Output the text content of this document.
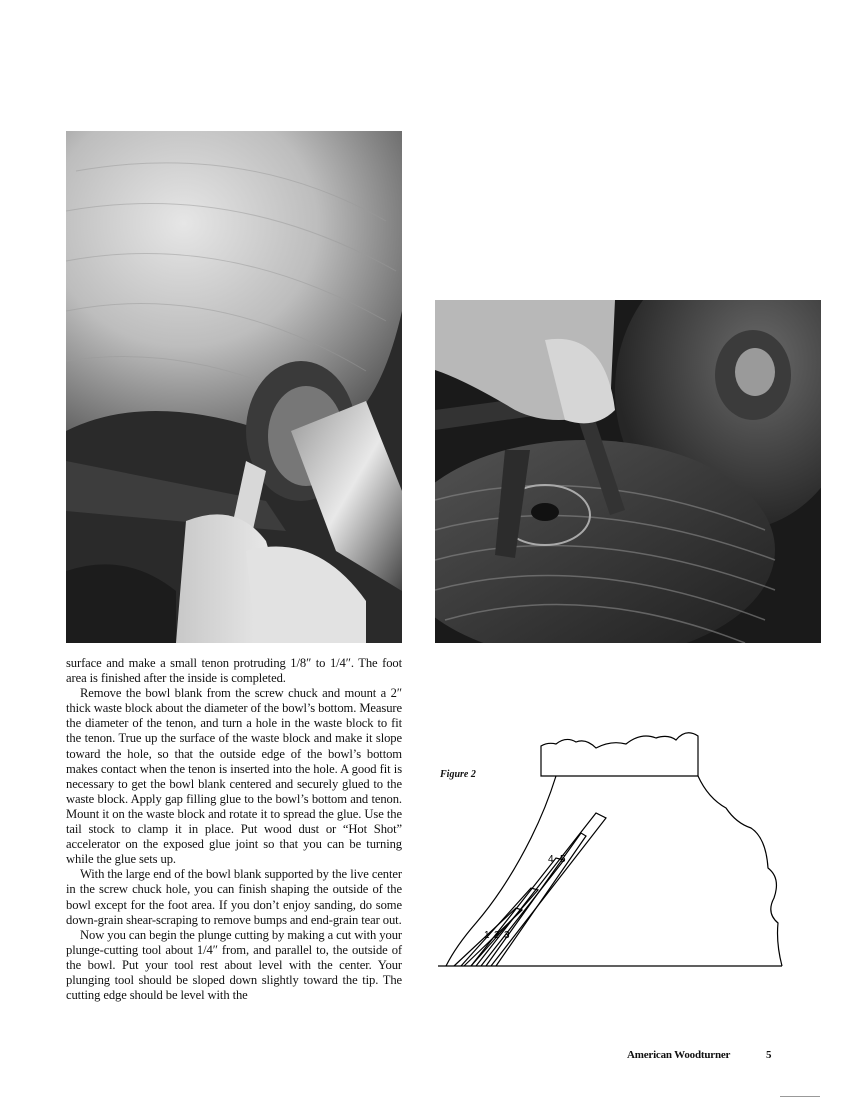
surface and make a small tenon protruding 1/8″ to 1/4″. The foot area is finished after the inside is completed.

Remove the bowl blank from the screw chuck and mount a 2″ thick waste block about the diameter of the bowl’s bottom. Measure the diameter of the tenon, and turn a hole in the waste block to fit the tenon. True up the surface of the waste block and make it slope toward the hole, so that the outside edge of the bowl’s bottom makes contact when the tenon is inserted into the hole. A good fit is necessary to get the bowl blank centered and securely glued to the waste block. Apply gap filling glue to the bowl’s bottom and tenon. Mount it on the waste block and rotate it to spread the glue. Use the tail stock to clamp it in place. Put wood dust or “Hot Shot” accelerator on the exposed glue joint so that you can be turning while the glue sets up.

With the large end of the bowl blank supported by the live center in the screw chuck hole, you can finish shaping the outside of the bowl except for the foot area. If you don’t enjoy sanding, do some down-grain shear-scraping to remove bumps and end-grain tear out.

Now you can begin the plunge cutting by making a cut with your plunge-cutting tool about 1/4″ from, and parallel to, the outside of the bowl. Put your tool rest about level with the center. Your plunging tool should be sloped down slightly toward the tip. The cutting edge should be level with the

Figure 2
1 2 3
4 5
American Woodturner	5
